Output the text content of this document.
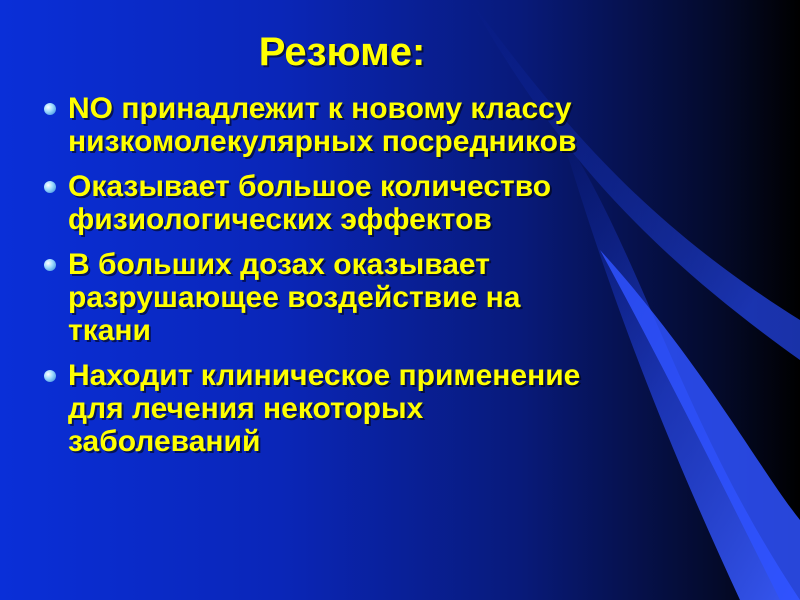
Резюме:
NO принадлежит к новому классу
низкомолекулярных посредников
Оказывает большое количество
физиологических эффектов
В больших дозах оказывает
разрушающее воздействие на
ткани
Находит клиническое применение
для лечения некоторых
заболеваний
